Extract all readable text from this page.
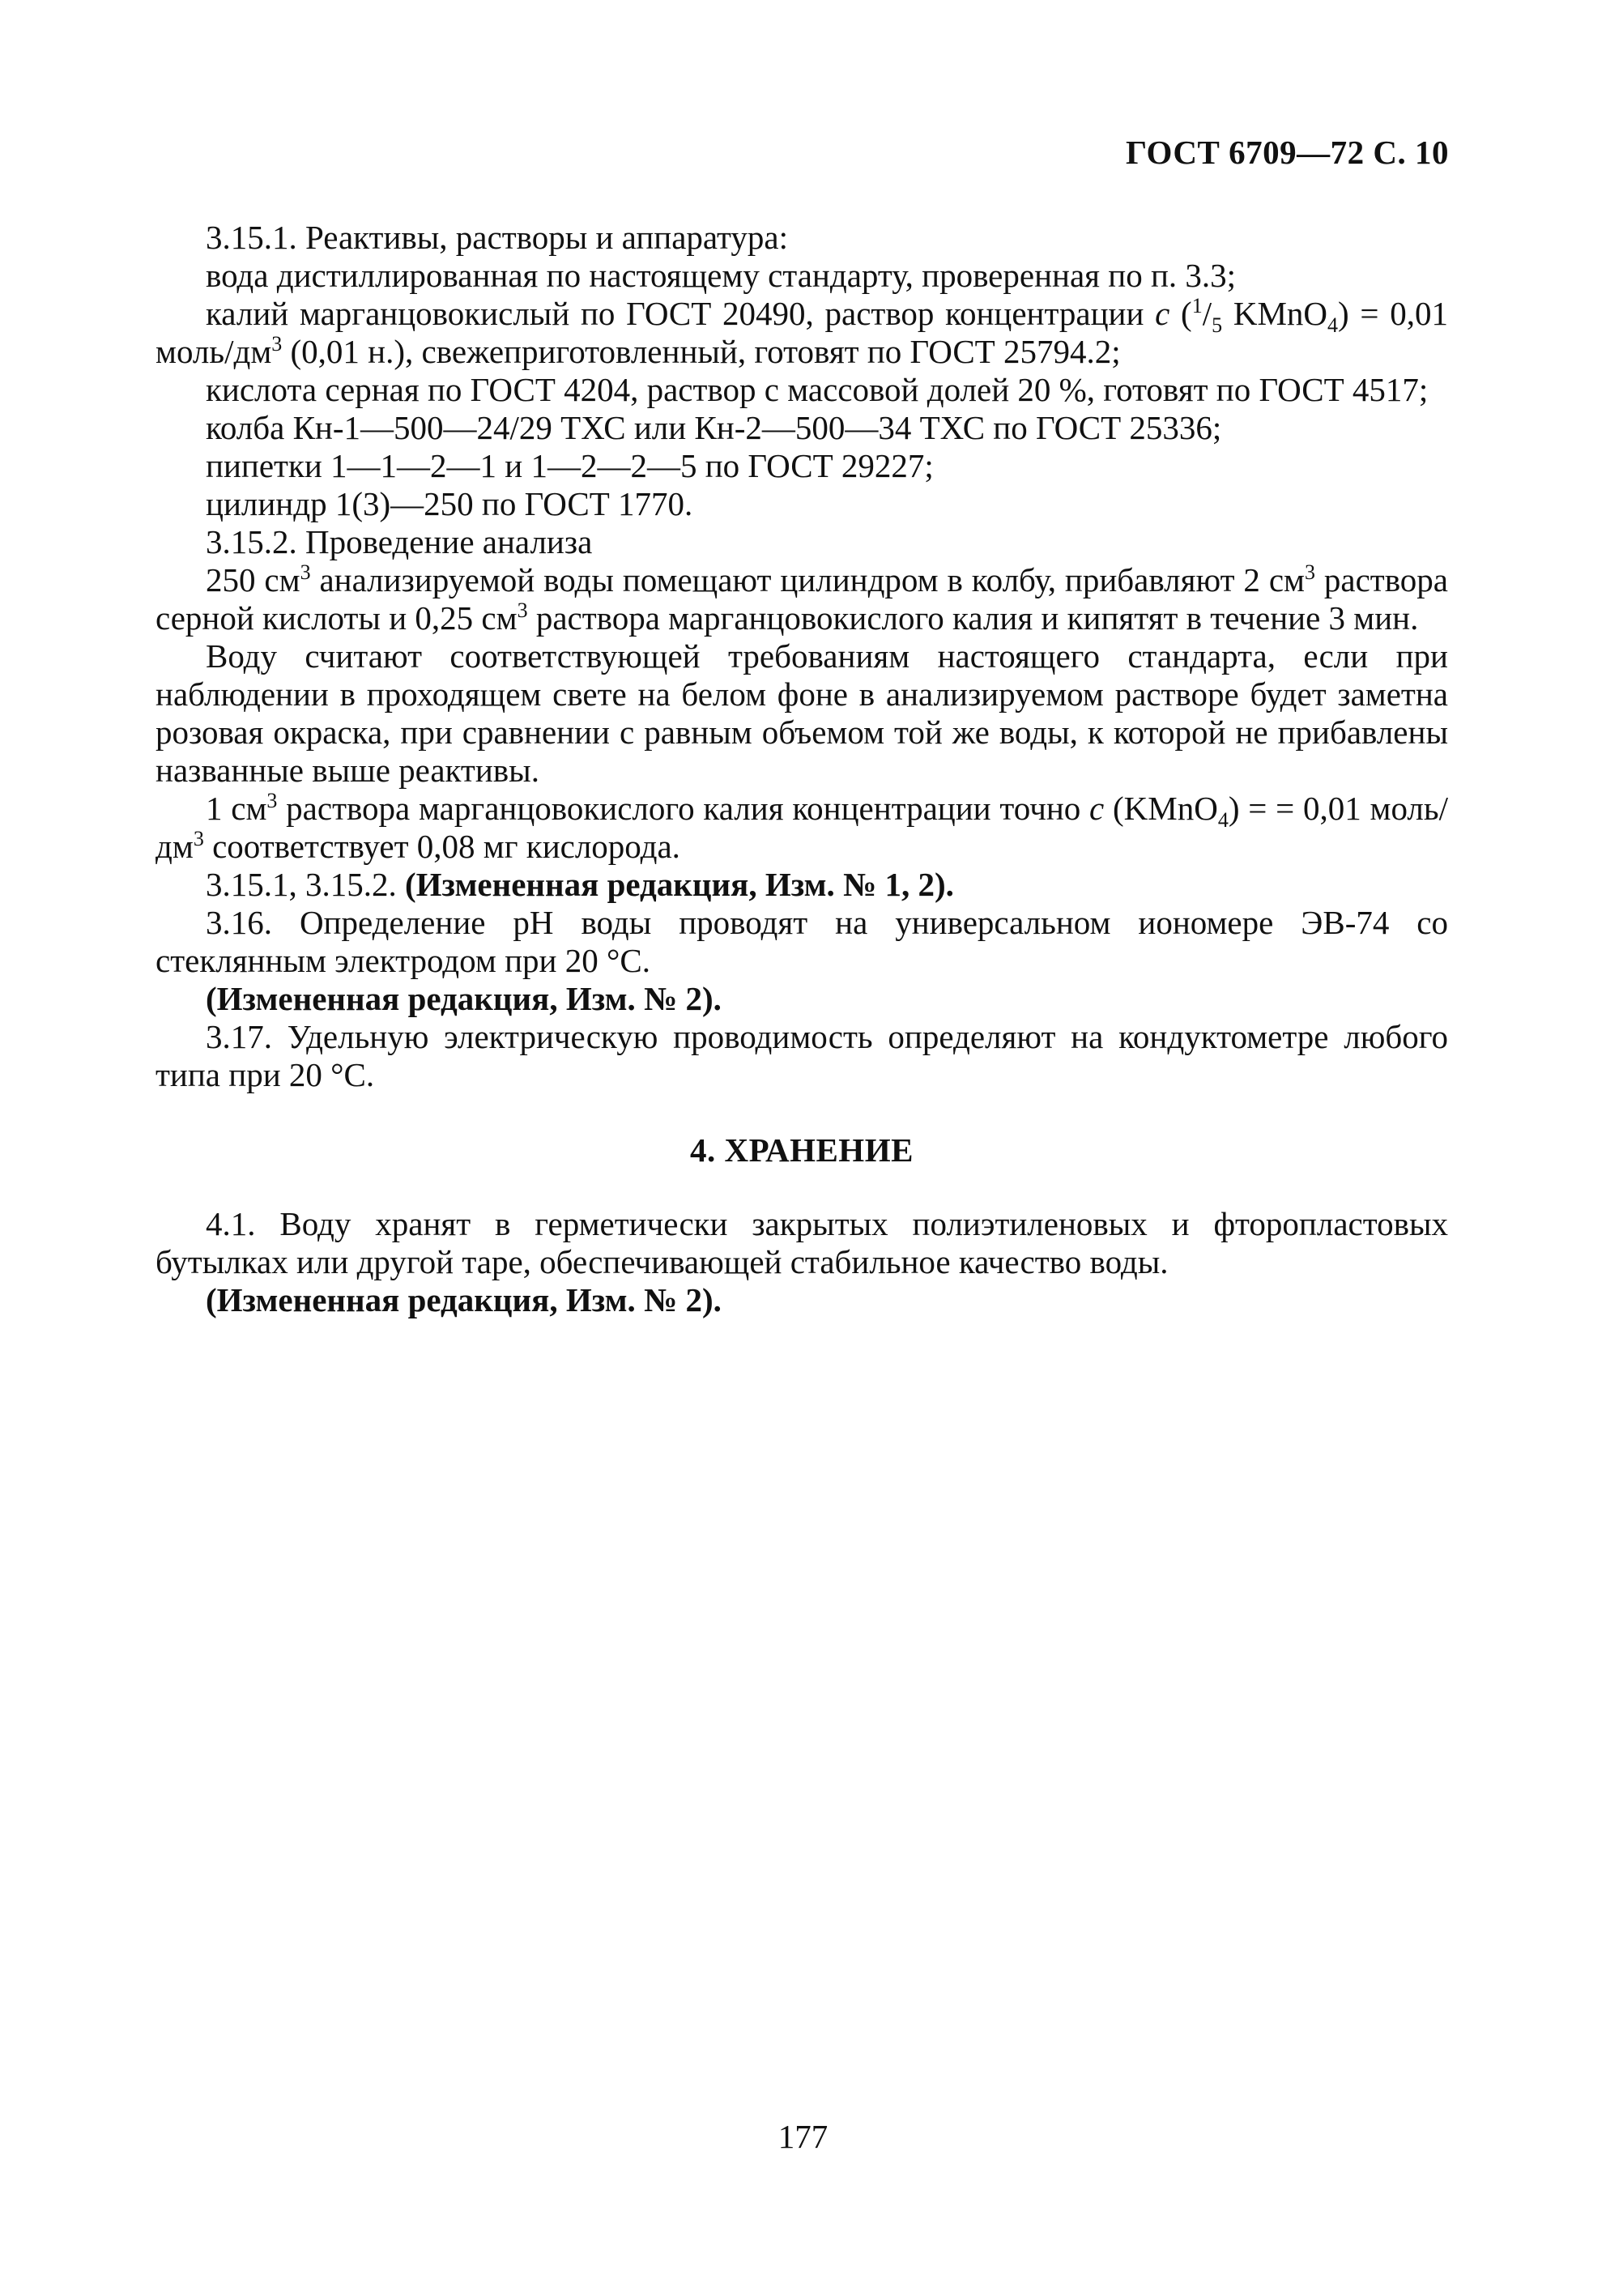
ГОСТ 6709—72 С. 10

3.15.1. Реактивы, растворы и аппаратура:

вода дистиллированная по настоящему стандарту, проверенная по п. 3.3;

калий марганцовокислый по ГОСТ 20490, раствор концентрации с ($^1/_5$ KMnO$_4$) = 0,01 моль/$дм^3$ (0,01 н.), свежеприготовленный, готовят по ГОСТ 25794.2;

кислота серная по ГОСТ 4204, раствор с массовой долей 20 %, готовят по ГОСТ 4517;

колба Кн-1—500—24/29 ТХС или Кн-2—500—34 ТХС по ГОСТ 25336;

пипетки 1—1—2—1 и 1—2—2—5 по ГОСТ 29227;

цилиндр 1(3)—250 по ГОСТ 1770.

3.15.2. Проведение анализа

250 $см^3$ анализируемой воды помещают цилиндром в колбу, прибавляют 2 $см^3$ раствора серной кислоты и 0,25 $см^3$ раствора марганцовокислого калия и кипятят в течение 3 мин.

Воду считают соответствующей требованиям настоящего стандарта, если при наблюдении в проходящем свете на белом фоне в анализируемом растворе будет заметна розовая окраска, при сравнении с равным объемом той же воды, к которой не прибавлены названные выше реактивы.

1 $см^3$ раствора марганцовокислого калия концентрации точно с (KMnO$_4$) = = 0,01 моль/$дм^3$ соответствует 0,08 мг кислорода.

3.15.1, 3.15.2. (Измененная редакция, Изм. № 1, 2).

3.16. Определение pH воды проводят на универсальном иономере ЭВ-74 со стеклянным электродом при 20 °С.

(Измененная редакция, Изм. № 2).

3.17. Удельную электрическую проводимость определяют на кондуктометре любого типа при 20 °С.

4. ХРАНЕНИЕ

4.1. Воду хранят в герметически закрытых полиэтиленовых и фторопластовых бутылках или другой таре, обеспечивающей стабильное качество воды.

(Измененная редакция, Изм. № 2).

177
